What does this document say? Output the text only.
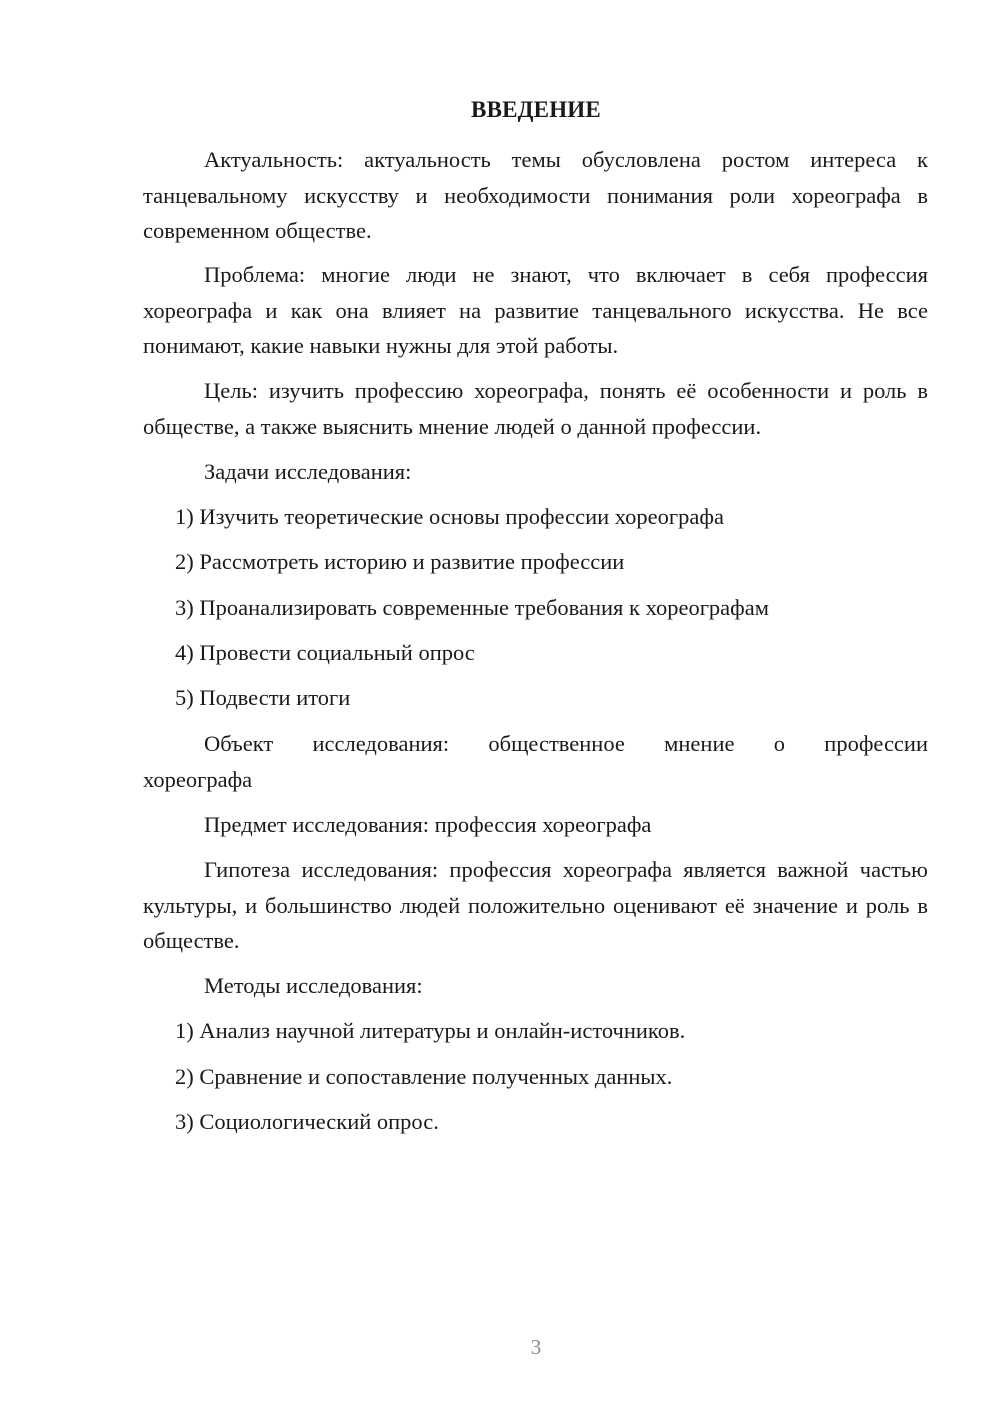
ВВЕДЕНИЕ

Актуальность: актуальность темы обусловлена ростом интереса к танцевальному искусству и необходимости понимания роли хореографа в современном обществе.

Проблема: многие люди не знают, что включает в себя профессия хореографа и как она влияет на развитие танцевального искусства. Не все понимают, какие навыки нужны для этой работы.

Цель: изучить профессию хореографа, понять её особенности и роль в обществе, а также выяснить мнение людей о данной профессии.

Задачи исследования:
1) Изучить теоретические основы профессии хореографа
2) Рассмотреть историю и развитие профессии
3) Проанализировать современные требования к хореографам
4) Провести социальный опрос
5) Подвести итоги

Объект исследования: общественное мнение о профессии хореографа

Предмет исследования: профессия хореографа

Гипотеза исследования: профессия хореографа является важной частью культуры, и большинство людей положительно оценивают её значение и роль в обществе.

Методы исследования:
1) Анализ научной литературы и онлайн-источников.
2) Сравнение и сопоставление полученных данных.
3) Социологический опрос.
3
